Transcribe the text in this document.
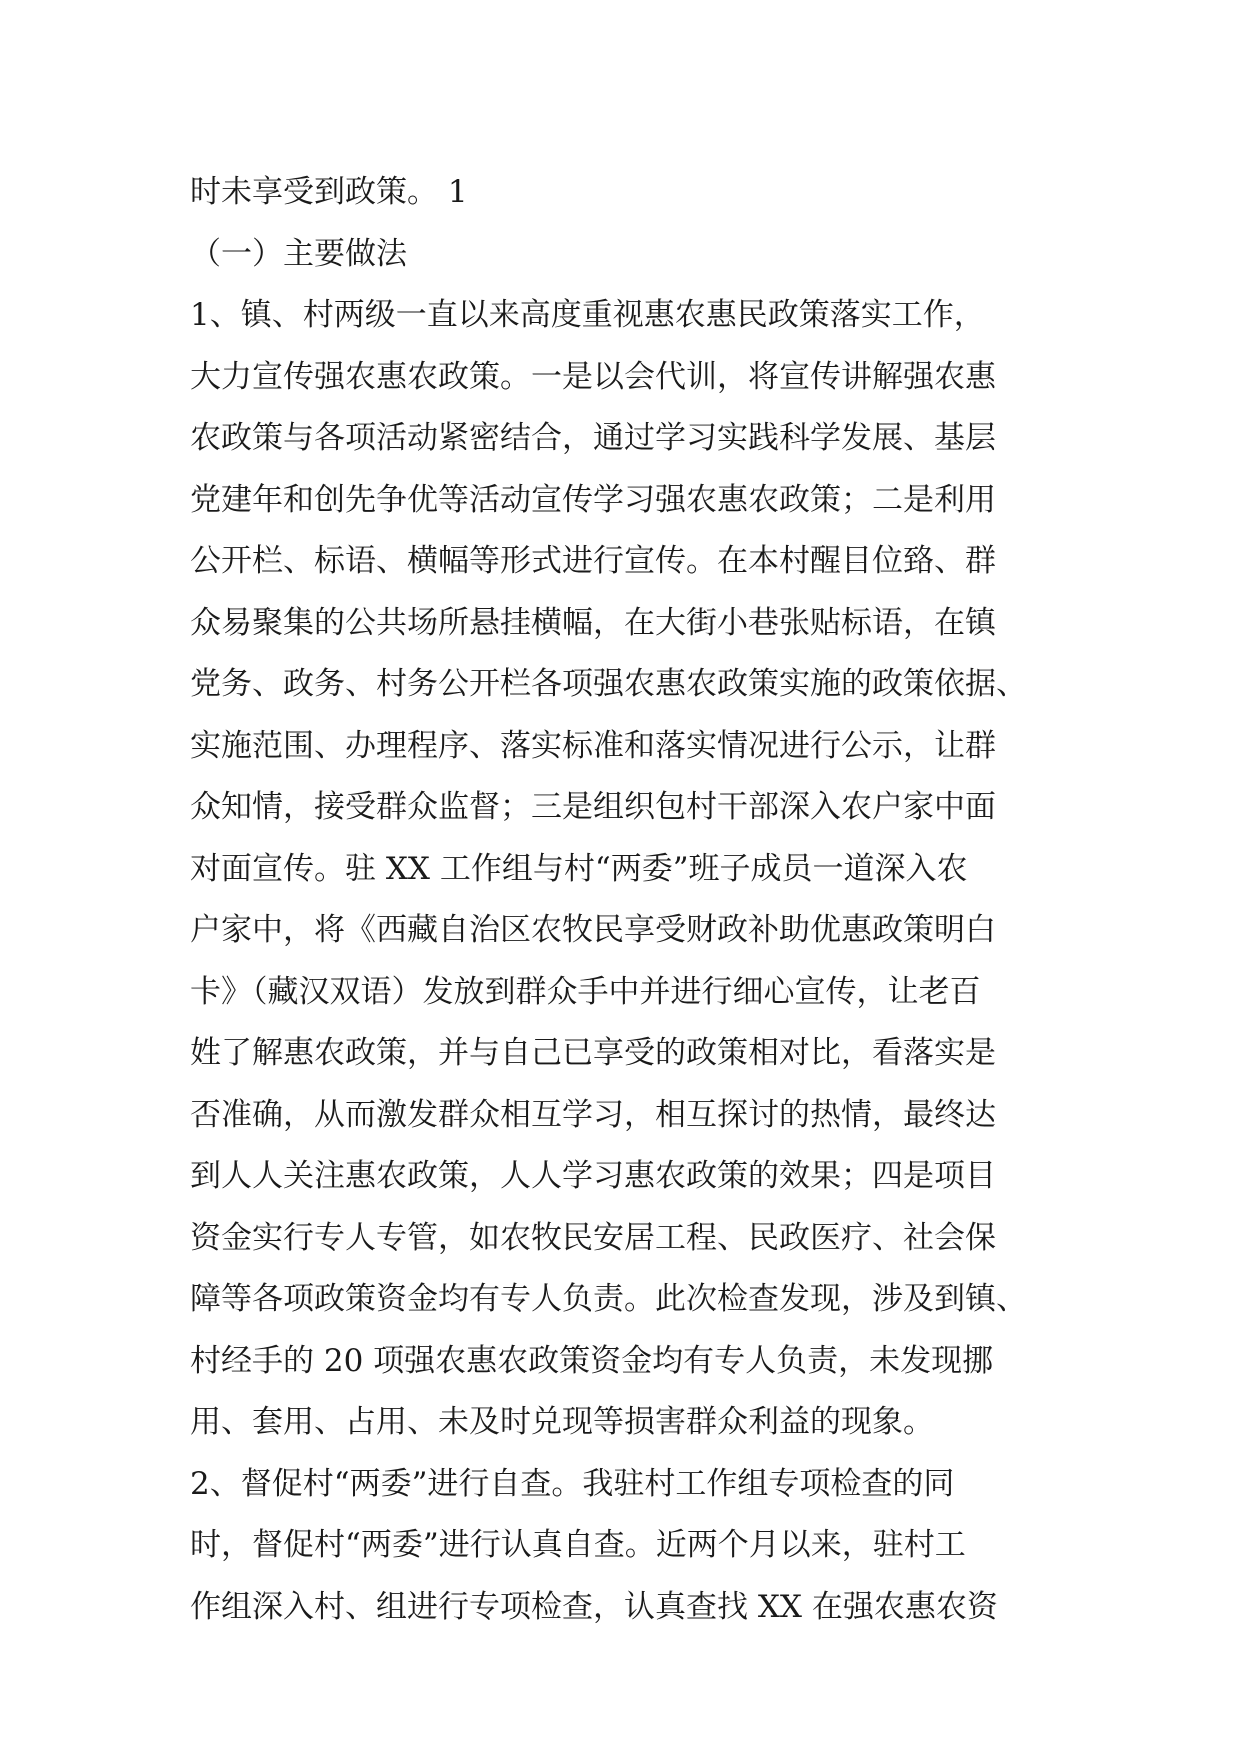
时未享受到政策。 1
（一）主要做法
1、镇、村两级一直以来高度重视惠农惠民政策落实工作，
大力宣传强农惠农政策。一是以会代训，将宣传讲解强农惠
农政策与各项活动紧密结合，通过学习实践科学发展、基层
党建年和创先争优等活动宣传学习强农惠农政策；二是利用
公开栏、标语、横幅等形式进行宣传。在本村醒目位臵、群
众易聚集的公共场所悬挂横幅，在大街小巷张贴标语，在镇
党务、政务、村务公开栏各项强农惠农政策实施的政策依据、
实施范围、办理程序、落实标准和落实情况进行公示，让群
众知情，接受群众监督；三是组织包村干部深入农户家中面
对面宣传。驻 XX 工作组与村“两委”班子成员一道深入农
户家中，将《西藏自治区农牧民享受财政补助优惠政策明白
卡》（藏汉双语）发放到群众手中并进行细心宣传，让老百
姓了解惠农政策，并与自己已享受的政策相对比，看落实是
否准确，从而激发群众相互学习，相互探讨的热情，最终达
到人人关注惠农政策，人人学习惠农政策的效果；四是项目
资金实行专人专管，如农牧民安居工程、民政医疗、社会保
障等各项政策资金均有专人负责。此次检查发现，涉及到镇、
村经手的 20 项强农惠农政策资金均有专人负责，未发现挪
用、套用、占用、未及时兑现等损害群众利益的现象。
2、督促村“两委”进行自查。我驻村工作组专项检查的同
时，督促村“两委”进行认真自查。近两个月以来，驻村工
作组深入村、组进行专项检查，认真查找 XX 在强农惠农资
